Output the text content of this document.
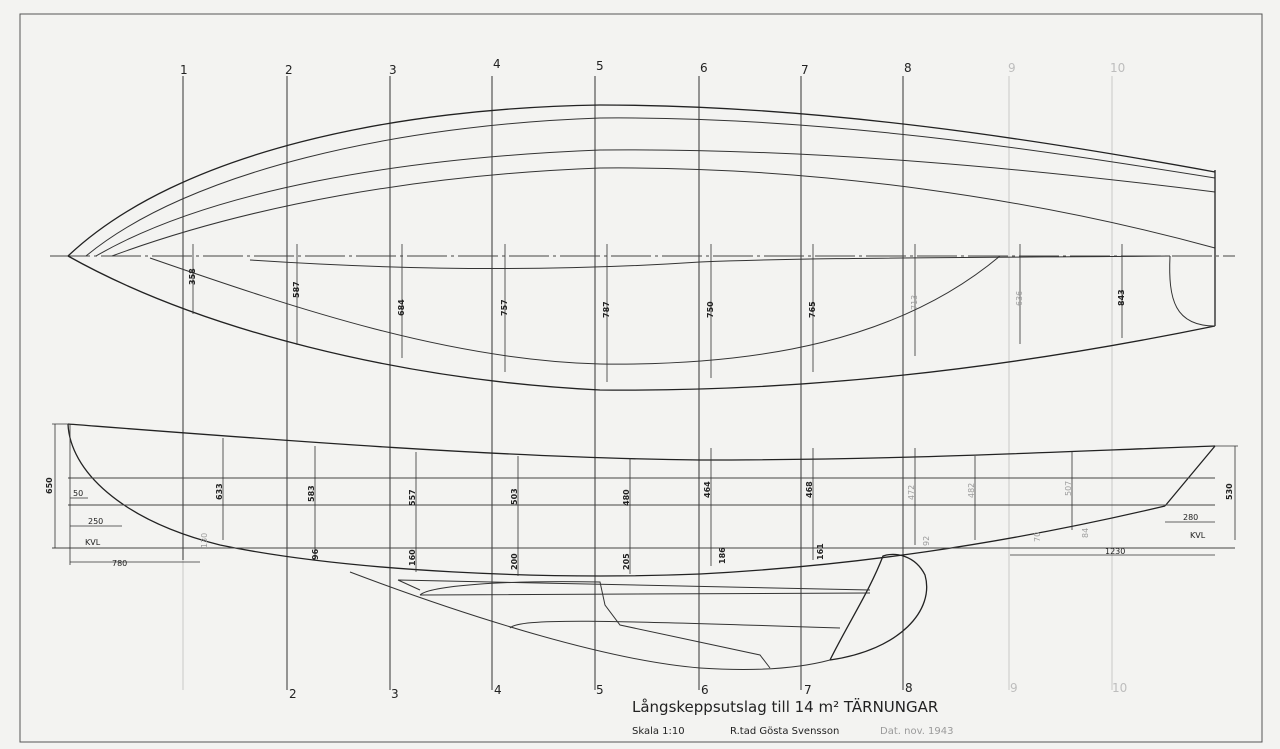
1	2	3	4	5	6	7	8	9	10
2	3	4	5	6	7	8	9	10
358
587
684	757	787	750	765	713	636	843
633	583	557	503	480	464	468	472	482	507
130
96	160	200	205	186	161
92	70	84
650 50
250
KVL
780
530
280
KVL
1230
Långskeppsutslag till 14 m² TÄRNUNGAR
Skala 1:10	R.tad Gösta Svensson	Dat. nov. 1943
